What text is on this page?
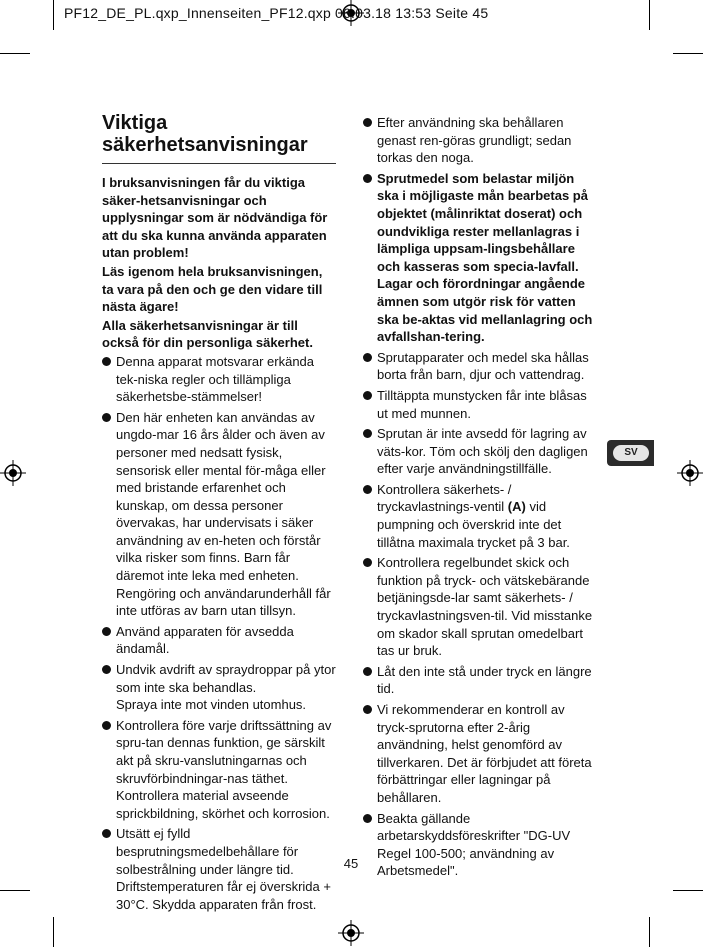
PF12_DE_PL.qxp_Innenseiten_PF12.qxp 06.03.18 13:53 Seite 45
Viktiga
säkerhetsanvisningar

I bruksanvisningen får du viktiga säker-hetsanvisningar och upplysningar som är nödvändiga för att du ska kunna använda apparaten utan problem!

Läs igenom hela bruksanvisningen, ta vara på den och ge den vidare till nästa ägare!

Alla säkerhetsanvisningar är till också för din personliga säkerhet.

Denna apparat motsvarar erkända tek-niska regler och tillämpliga säkerhetsbe-stämmelser!

Den här enheten kan användas av ungdo-mar 16 års ålder och även av personer med nedsatt fysisk, sensorisk eller mental för-måga eller med bristande erfarenhet och kunskap, om dessa personer övervakas, har undervisats i säker användning av en-heten och förstår vilka risker som finns. Barn får däremot inte leka med enheten. Rengöring och användarunderhåll får inte utföras av barn utan tillsyn.

Använd apparaten för avsedda ändamål.

Undvik avdrift av spraydroppar på ytor som inte ska behandlas.

Spraya inte mot vinden utomhus.

Kontrollera före varje driftssättning av spru-tan dennas funktion, ge särskilt akt på skru-vanslutningarnas och skruvförbindningar-nas täthet. Kontrollera material avseende sprickbildning, skörhet och korrosion.

Utsätt ej fylld besprutningsmedelbehållare för solbestrålning under längre tid. Driftstemperaturen får ej överskrida + 30°C. Skydda apparaten från frost.

Efter användning ska behållaren genast ren-göras grundligt; sedan torkas den noga.

Sprutmedel som belastar miljön ska i möjligaste mån bearbetas på objektet (målinriktat doserat) och oundvikliga rester mellanlagras i lämpliga uppsam-lingsbehållare och kasseras som specia-lavfall.

Lagar och förordningar angående ämnen som utgör risk för vatten ska be-aktas vid mellanlagring och avfallshan-tering.

Sprutapparater och medel ska hållas borta från barn, djur och vattendrag.

Tilltäppta munstycken får inte blåsas ut med munnen.

Sprutan är inte avsedd för lagring av väts-kor. Töm och skölj den dagligen efter varje användningstillfälle.

Kontrollera säkerhets- / tryckavlastnings-ventil (A) vid pumpning och överskrid inte det tillåtna maximala trycket på 3 bar.

Kontrollera regelbundet skick och funktion på tryck- och vätskebärande betjäningsde-lar samt säkerhets- / tryckavlastningsven-til. Vid misstanke om skador skall sprutan omedelbart tas ur bruk.

Låt den inte stå under tryck en längre tid.

Vi rekommenderar en kontroll av tryck-sprutorna efter 2-årig användning, helst genomförd av tillverkaren. Det är förbjudet att företa förbättringar eller lagningar på behållaren.

Beakta gällande arbetarskyddsföreskrifter "DG-UV Regel 100-500; användning av Arbetsmedel".

SV
45
